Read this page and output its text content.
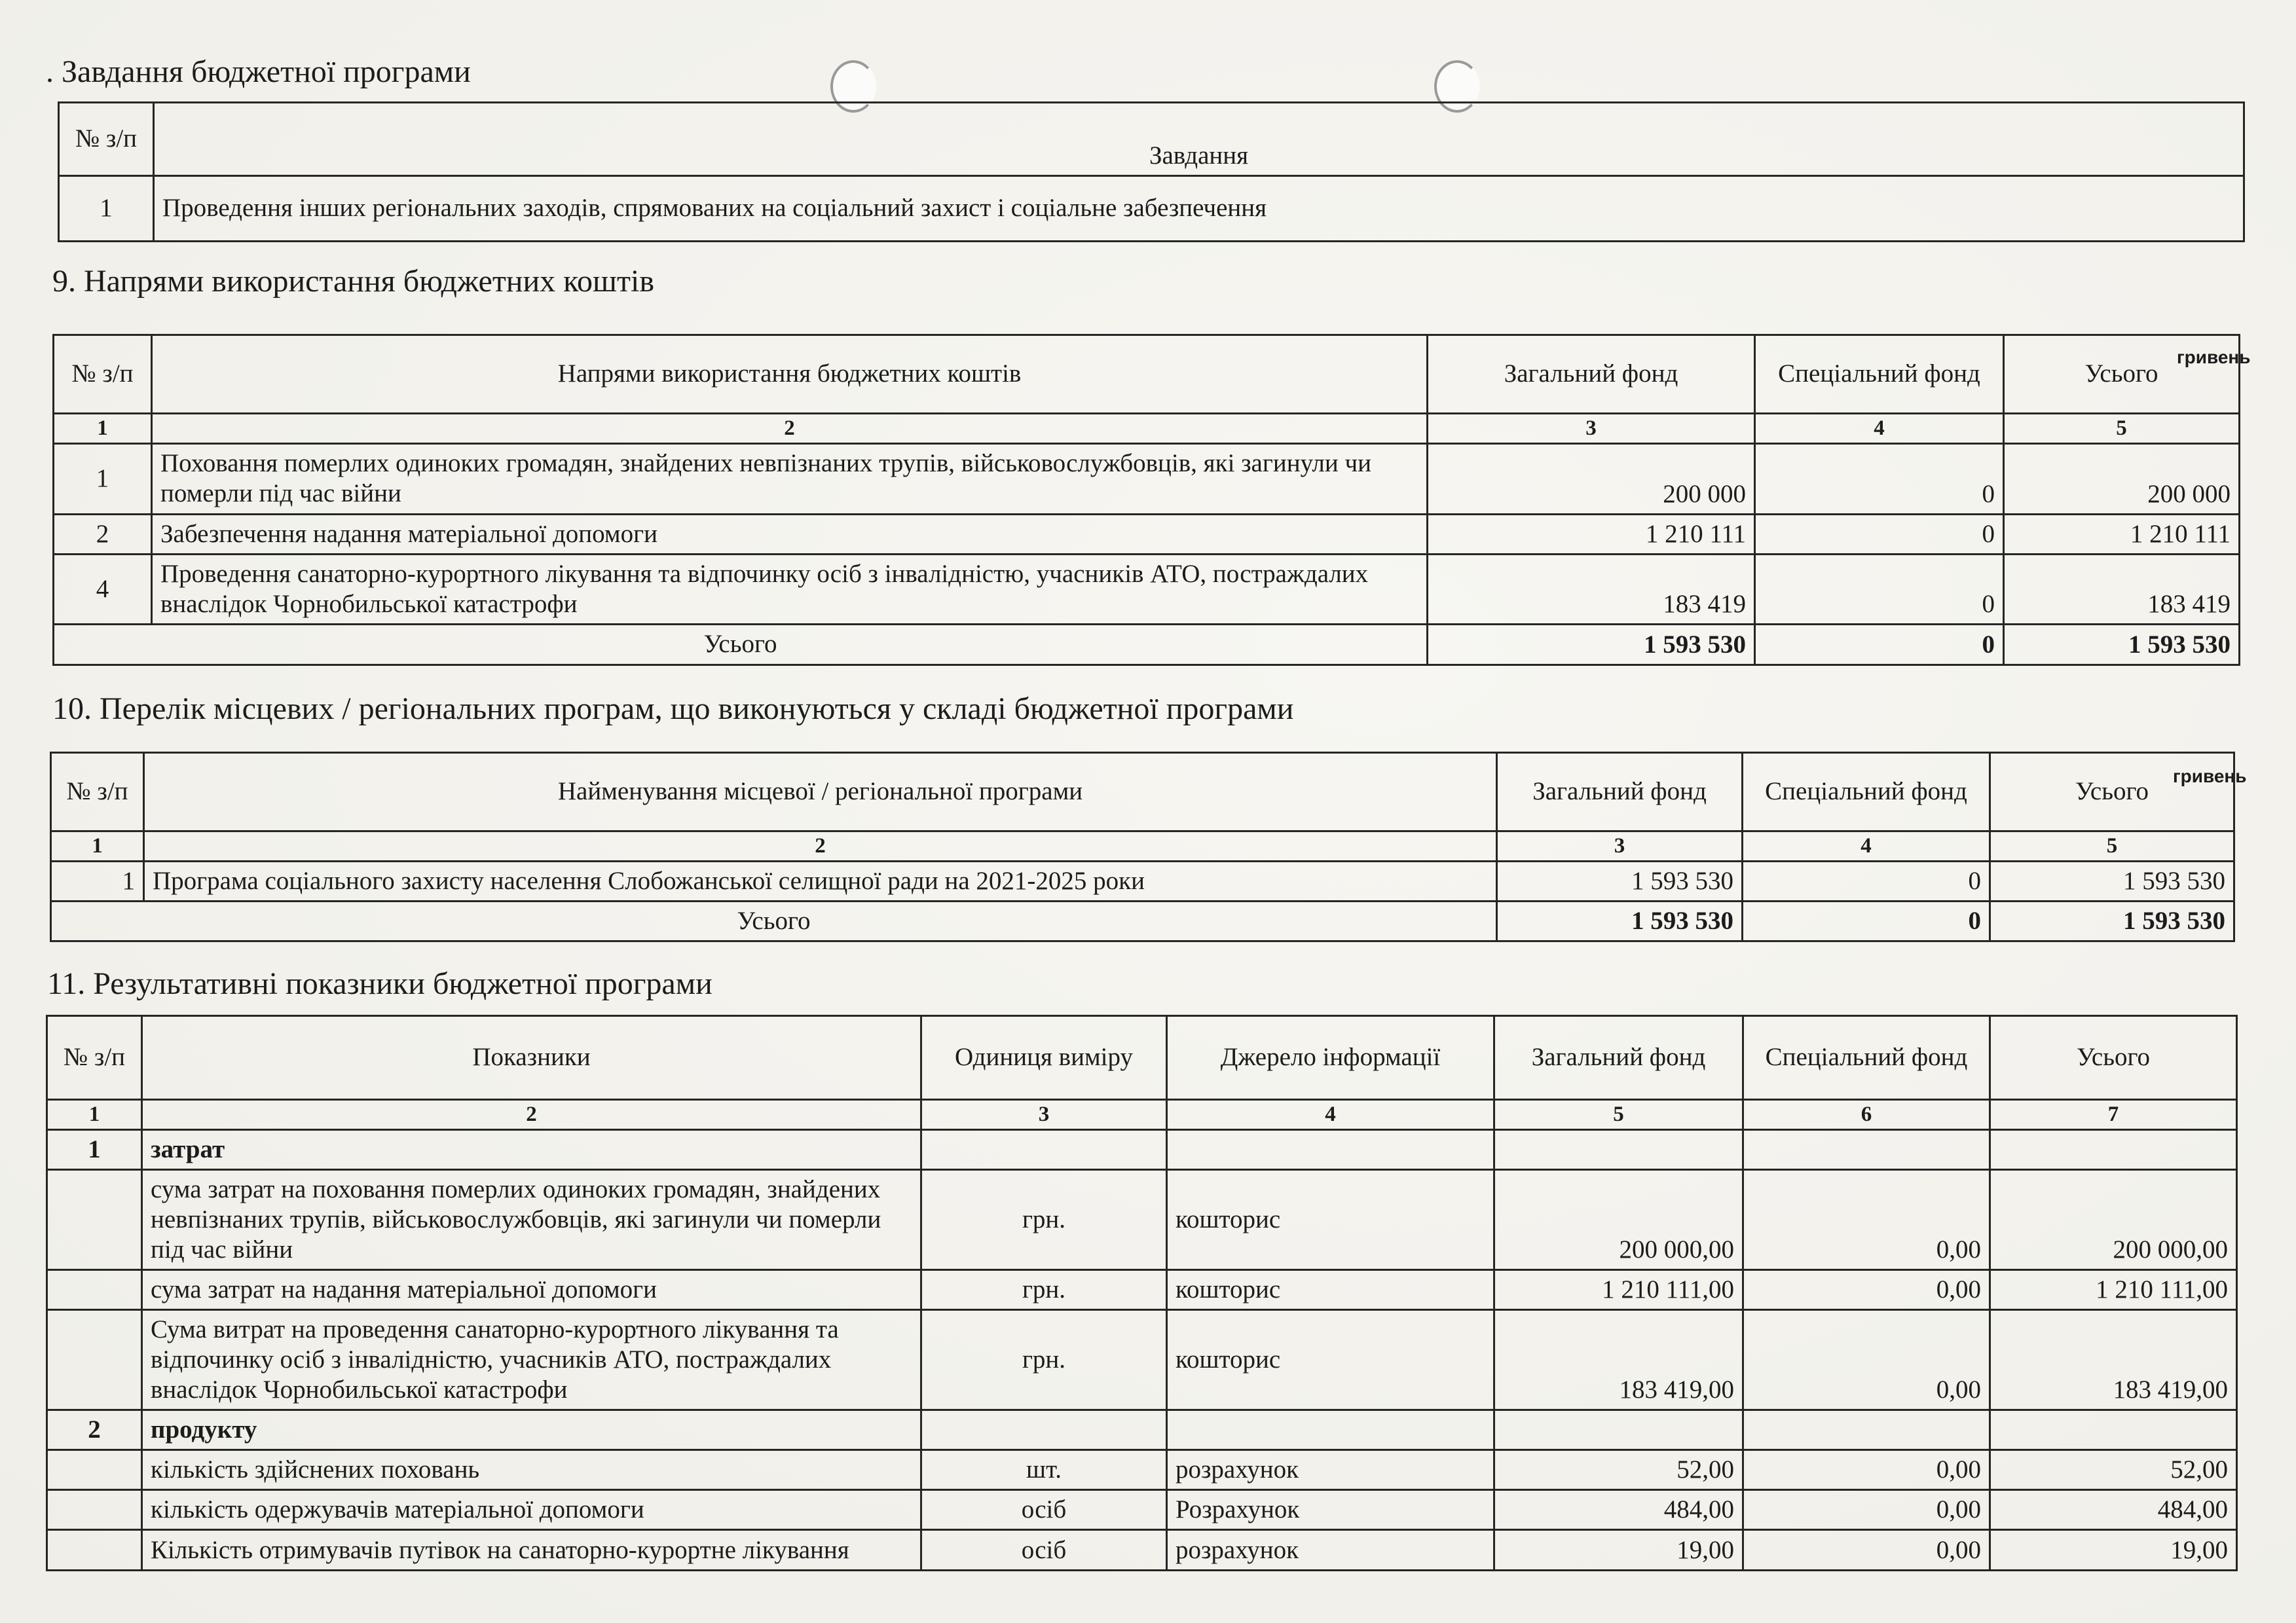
. Завдання бюджетної програми
№ з/п	Завдання
1	Проведення інших регіональних заходів, спрямованих на соціальний захист і соціальне забезпечення
9. Напрями використання бюджетних коштів
гривень
№ з/п	Напрями використання бюджетних коштів	Загальний фонд	Спеціальний фонд	Усього
1	2	3	4	5
1	Поховання померлих одиноких громадян, знайдених невпізнаних трупів, військовослужбовців, які загинули чи померли під час війни	200 000	0	200 000
2	Забезпечення надання матеріальної допомоги	1 210 111	0	1 210 111
4	Проведення санаторно-курортного лікування та відпочинку осіб з інвалідністю, учасників АТО, постраждалих внаслідок Чорнобильської катастрофи	183 419	0	183 419
Усього		1 593 530	0	1 593 530
10. Перелік місцевих / регіональних програм, що виконуються у складі бюджетної програми
гривень
№ з/п	Найменування місцевої / регіональної програми	Загальний фонд	Спеціальний фонд	Усього
1	2	3	4	5
1	Програма соціального захисту населення Слобожанської селищної ради на 2021-2025 роки	1 593 530	0	1 593 530
Усього		1 593 530	0	1 593 530
11. Результативні показники бюджетної програми
№ з/п	Показники	Одиниця виміру	Джерело інформації	Загальний фонд	Спеціальний фонд	Усього
1	2	3	4	5	6	7
1	затрат					
	сума затрат на поховання померлих одиноких громадян, знайдених невпізнаних трупів, військовослужбовців, які загинули чи померли під час війни	грн.	кошторис	200 000,00	0,00	200 000,00
	сума затрат на надання матеріальної допомоги	грн.	кошторис	1 210 111,00	0,00	1 210 111,00
	Сума витрат на проведення санаторно-курортного лікування та відпочинку осіб з інвалідністю, учасників АТО, постраждалих внаслідок Чорнобильської катастрофи	грн.	кошторис	183 419,00	0,00	183 419,00
2	продукту					
	кількість здійснених поховань	шт.	розрахунок	52,00	0,00	52,00
	кількість одержувачів матеріальної допомоги	осіб	Розрахунок	484,00	0,00	484,00
	Кількість отримувачів путівок на санаторно-курортне лікування	осіб	розрахунок	19,00	0,00	19,00
